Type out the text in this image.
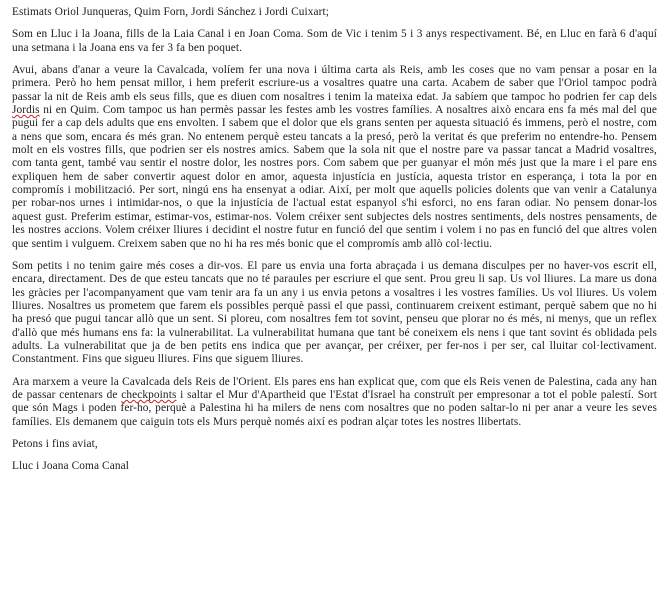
Estimats Oriol Junqueras, Quim Forn, Jordi Sánchez i Jordi Cuixart;

Som en Lluc i la Joana, fills de la Laia Canal i en Joan Coma. Som de Vic i tenim 5 i 3 anys respectivament. Bé, en Lluc en farà 6 d'aquí una setmana i la Joana ens va fer 3 fa ben poquet.

Avui, abans d'anar a veure la Cavalcada, volíem fer una nova i última carta als Reis, amb les coses que no vam pensar a posar en la primera. Però ho hem pensat millor, i hem preferit escriure-us a vosaltres quatre una carta. Acabem de saber que l'Oriol tampoc podrà passar la nit de Reis amb els seus fills, que es diuen com nosaltres i tenim la mateixa edat. Ja sabíem que tampoc ho podrien fer cap dels Jordis ni en Quim. Com tampoc us han permès passar les festes amb les vostres famílies. A nosaltres això encara ens fa més mal del que pugui fer a cap dels adults que ens envolten. I sabem que el dolor que els grans senten per aquesta situació és immens, però el nostre, com a nens que som, encara és més gran. No entenem perquè esteu tancats a la presó, però la veritat és que preferim no entendre-ho. Pensem molt en els vostres fills, que podrien ser els nostres amics. Sabem que la sola nit que el nostre pare va passar tancat a Madrid vosaltres, com tanta gent, també vau sentir el nostre dolor, les nostres pors. Com sabem que per guanyar el món més just que la mare i el pare ens expliquen hem de saber convertir aquest dolor en amor, aquesta injustícia en justícia, aquesta tristor en esperança, i tota la por en compromís i mobilització. Per sort, ningú ens ha ensenyat a odiar. Així, per molt que aquells policies dolents que van venir a Catalunya per robar-nos urnes i intimidar-nos, o que la injustícia de l'actual estat espanyol s'hi esforci, no ens faran odiar. No pensem donar-los aquest gust. Preferim estimar, estimar-vos, estimar-nos. Volem créixer sent subjectes dels nostres sentiments, dels nostres pensaments, de les nostres accions. Volem créixer lliures i decidint el nostre futur en funció del que sentim i volem i no pas en funció del que altres volen que sentim i vulguem. Creixem saben que no hi ha res més bonic que el compromís amb allò col·lectiu.

Som petits i no tenim gaire més coses a dir-vos. El pare us envia una forta abraçada i us demana disculpes per no haver-vos escrit ell, encara, directament. Des de que esteu tancats que no té paraules per escriure el que sent. Prou greu li sap. Us vol lliures. La mare us dona les gràcies per l'acompanyament que vam tenir ara fa un any i us envia petons a vosaltres i les vostres famílies. Us vol lliures. Us volem lliures. Nosaltres us prometem que farem els possibles perquè passi el que passi, continuarem creixent estimant, perquè sabem que no hi ha presó que pugui tancar allò que un sent. Si ploreu, com nosaltres fem tot sovint, penseu que plorar no és més, ni menys, que un reflex d'allò que més humans ens fa: la vulnerabilitat. La vulnerabilitat humana que tant bé coneixem els nens i que tant sovint és oblidada pels adults. La vulnerabilitat que ja de ben petits ens indica que per avançar, per créixer, per fer-nos i per ser, cal lluitar col·lectivament. Constantment. Fins que sigueu lliures. Fins que siguem lliures.

Ara marxem a veure la Cavalcada dels Reis de l'Orient. Els pares ens han explicat que, com que els Reis venen de Palestina, cada any han de passar centenars de checkpoints i saltar el Mur d'Apartheid que l'Estat d'Israel ha construït per empresonar a tot el poble palestí. Sort que són Mags i poden fer-ho, perquè a Palestina hi ha milers de nens com nosaltres que no poden saltar-lo ni per anar a veure les seves famílies. Els demanem que caiguin tots els Murs perquè només així es podran alçar totes les nostres llibertats.

Petons i fins aviat,

Lluc i Joana Coma Canal
